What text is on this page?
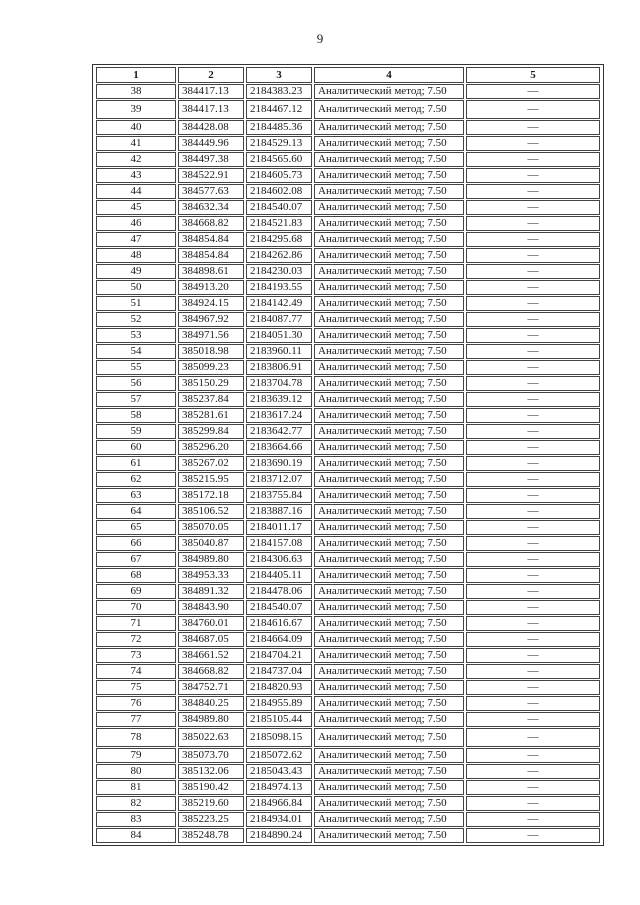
9
1	2	3	4	5
38	384417.13	2184383.23	Аналитический метод; 7.50	—
39	384417.13	2184467.12	Аналитический метод; 7.50	—
40	384428.08	2184485.36	Аналитический метод; 7.50	—
41	384449.96	2184529.13	Аналитический метод; 7.50	—
42	384497.38	2184565.60	Аналитический метод; 7.50	—
43	384522.91	2184605.73	Аналитический метод; 7.50	—
44	384577.63	2184602.08	Аналитический метод; 7.50	—
45	384632.34	2184540.07	Аналитический метод; 7.50	—
46	384668.82	2184521.83	Аналитический метод; 7.50	—
47	384854.84	2184295.68	Аналитический метод; 7.50	—
48	384854.84	2184262.86	Аналитический метод; 7.50	—
49	384898.61	2184230.03	Аналитический метод; 7.50	—
50	384913.20	2184193.55	Аналитический метод; 7.50	—
51	384924.15	2184142.49	Аналитический метод; 7.50	—
52	384967.92	2184087.77	Аналитический метод; 7.50	—
53	384971.56	2184051.30	Аналитический метод; 7.50	—
54	385018.98	2183960.11	Аналитический метод; 7.50	—
55	385099.23	2183806.91	Аналитический метод; 7.50	—
56	385150.29	2183704.78	Аналитический метод; 7.50	—
57	385237.84	2183639.12	Аналитический метод; 7.50	—
58	385281.61	2183617.24	Аналитический метод; 7.50	—
59	385299.84	2183642.77	Аналитический метод; 7.50	—
60	385296.20	2183664.66	Аналитический метод; 7.50	—
61	385267.02	2183690.19	Аналитический метод; 7.50	—
62	385215.95	2183712.07	Аналитический метод; 7.50	—
63	385172.18	2183755.84	Аналитический метод; 7.50	—
64	385106.52	2183887.16	Аналитический метод; 7.50	—
65	385070.05	2184011.17	Аналитический метод; 7.50	—
66	385040.87	2184157.08	Аналитический метод; 7.50	—
67	384989.80	2184306.63	Аналитический метод; 7.50	—
68	384953.33	2184405.11	Аналитический метод; 7.50	—
69	384891.32	2184478.06	Аналитический метод; 7.50	—
70	384843.90	2184540.07	Аналитический метод; 7.50	—
71	384760.01	2184616.67	Аналитический метод; 7.50	—
72	384687.05	2184664.09	Аналитический метод; 7.50	—
73	384661.52	2184704.21	Аналитический метод; 7.50	—
74	384668.82	2184737.04	Аналитический метод; 7.50	—
75	384752.71	2184820.93	Аналитический метод; 7.50	—
76	384840.25	2184955.89	Аналитический метод; 7.50	—
77	384989.80	2185105.44	Аналитический метод; 7.50	—
78	385022.63	2185098.15	Аналитический метод; 7.50	—
79	385073.70	2185072.62	Аналитический метод; 7.50	—
80	385132.06	2185043.43	Аналитический метод; 7.50	—
81	385190.42	2184974.13	Аналитический метод; 7.50	—
82	385219.60	2184966.84	Аналитический метод; 7.50	—
83	385223.25	2184934.01	Аналитический метод; 7.50	—
84	385248.78	2184890.24	Аналитический метод; 7.50	—
